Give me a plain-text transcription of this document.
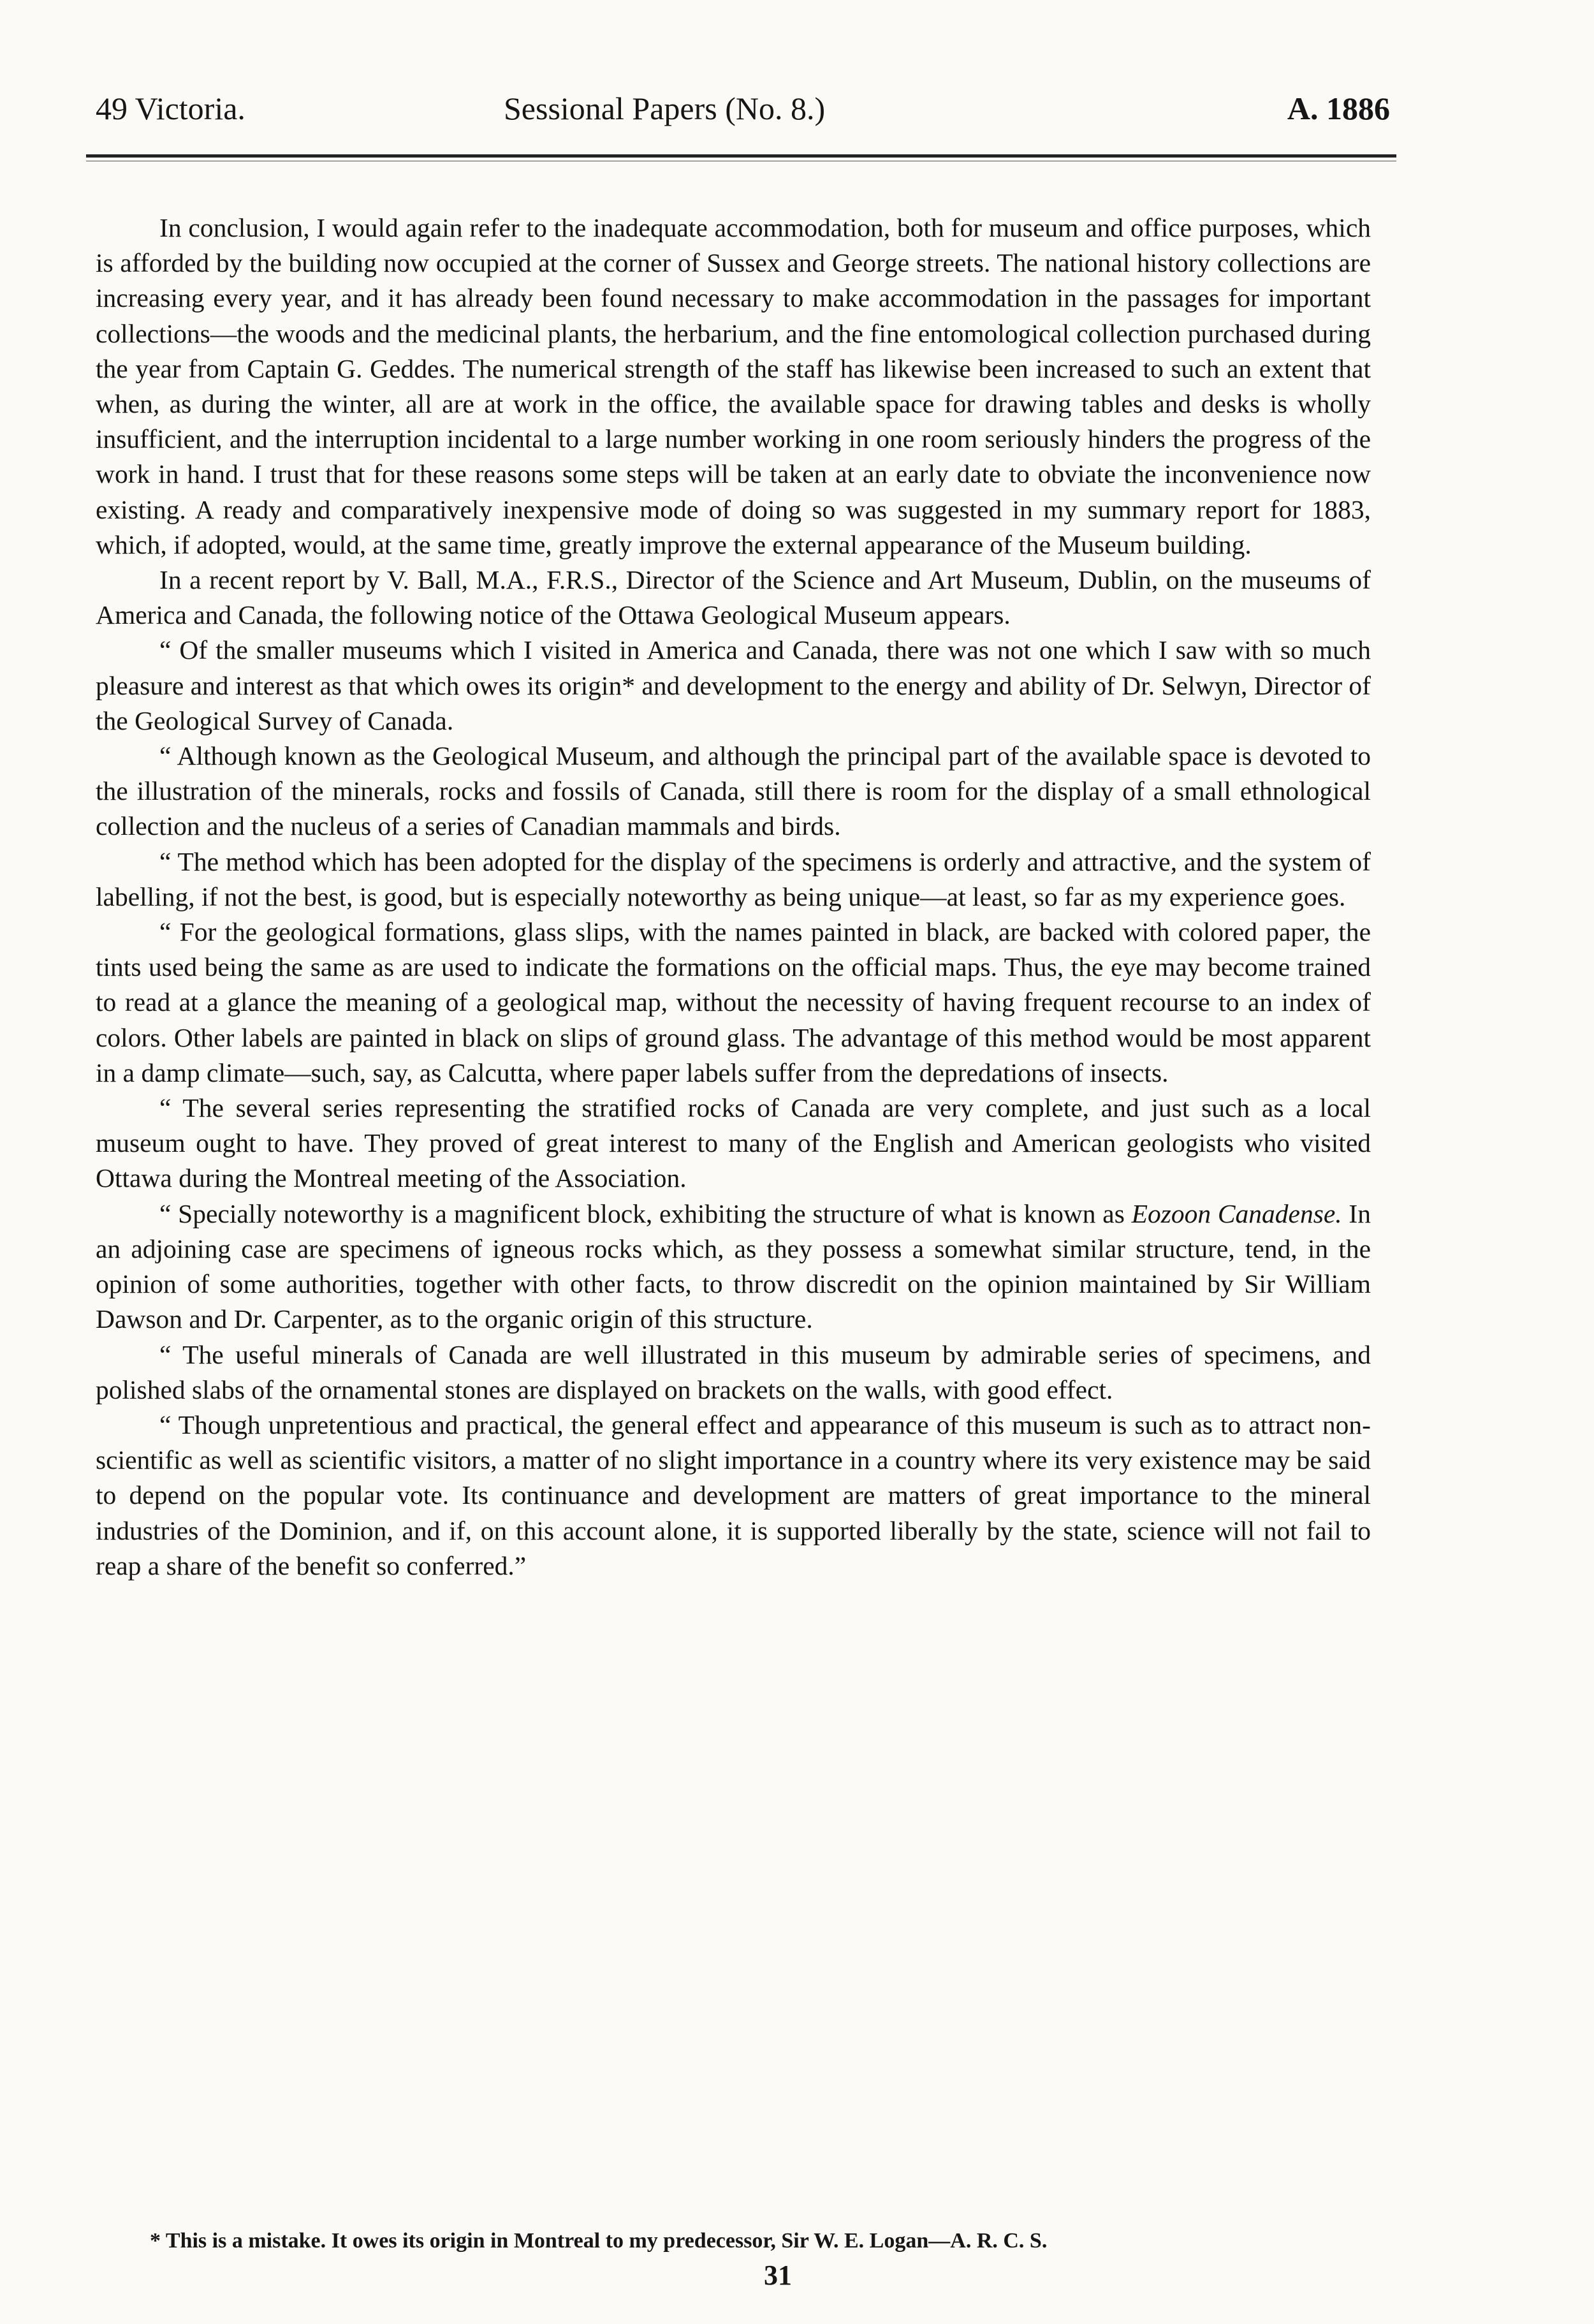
49 Victoria.	Sessional Papers (No. 8.)	A. 1886

In conclusion, I would again refer to the inadequate accommodation, both for museum and office purposes, which is afforded by the building now occupied at the corner of Sussex and George streets. The national history collections are increasing every year, and it has already been found necessary to make accommodation in the passages for important collections—the woods and the medicinal plants, the herbarium, and the fine entomological collection purchased during the year from Captain G. Geddes. The numerical strength of the staff has likewise been increased to such an extent that when, as during the winter, all are at work in the office, the available space for drawing tables and desks is wholly insufficient, and the interruption incidental to a large number working in one room seriously hinders the progress of the work in hand. I trust that for these reasons some steps will be taken at an early date to obviate the inconvenience now existing. A ready and comparatively inexpensive mode of doing so was suggested in my summary report for 1883, which, if adopted, would, at the same time, greatly improve the external appearance of the Museum building.

In a recent report by V. Ball, M.A., F.R.S., Director of the Science and Art Museum, Dublin, on the museums of America and Canada, the following notice of the Ottawa Geological Museum appears.

“ Of the smaller museums which I visited in America and Canada, there was not one which I saw with so much pleasure and interest as that which owes its origin* and development to the energy and ability of Dr. Selwyn, Director of the Geological Survey of Canada.

“ Although known as the Geological Museum, and although the principal part of the available space is devoted to the illustration of the minerals, rocks and fossils of Canada, still there is room for the display of a small ethnological collection and the nucleus of a series of Canadian mammals and birds.

“ The method which has been adopted for the display of the specimens is orderly and attractive, and the system of labelling, if not the best, is good, but is especially noteworthy as being unique—at least, so far as my experience goes.

“ For the geological formations, glass slips, with the names painted in black, are backed with colored paper, the tints used being the same as are used to indicate the formations on the official maps. Thus, the eye may become trained to read at a glance the meaning of a geological map, without the necessity of having frequent recourse to an index of colors. Other labels are painted in black on slips of ground glass. The advantage of this method would be most apparent in a damp climate—such, say, as Calcutta, where paper labels suffer from the depredations of insects.

“ The several series representing the stratified rocks of Canada are very complete, and just such as a local museum ought to have. They proved of great interest to many of the English and American geologists who visited Ottawa during the Montreal meeting of the Association.

“ Specially noteworthy is a magnificent block, exhibiting the structure of what is known as Eozoon Canadense. In an adjoining case are specimens of igneous rocks which, as they possess a somewhat similar structure, tend, in the opinion of some authorities, together with other facts, to throw discredit on the opinion maintained by Sir William Dawson and Dr. Carpenter, as to the organic origin of this structure.

“ The useful minerals of Canada are well illustrated in this museum by admirable series of specimens, and polished slabs of the ornamental stones are displayed on brackets on the walls, with good effect.

“ Though unpretentious and practical, the general effect and appearance of this museum is such as to attract non-scientific as well as scientific visitors, a matter of no slight importance in a country where its very existence may be said to depend on the popular vote. Its continuance and development are matters of great importance to the mineral industries of the Dominion, and if, on this account alone, it is supported liberally by the state, science will not fail to reap a share of the benefit so conferred.”

* This is a mistake. It owes its origin in Montreal to my predecessor, Sir W. E. Logan—A. R. C. S.
31
